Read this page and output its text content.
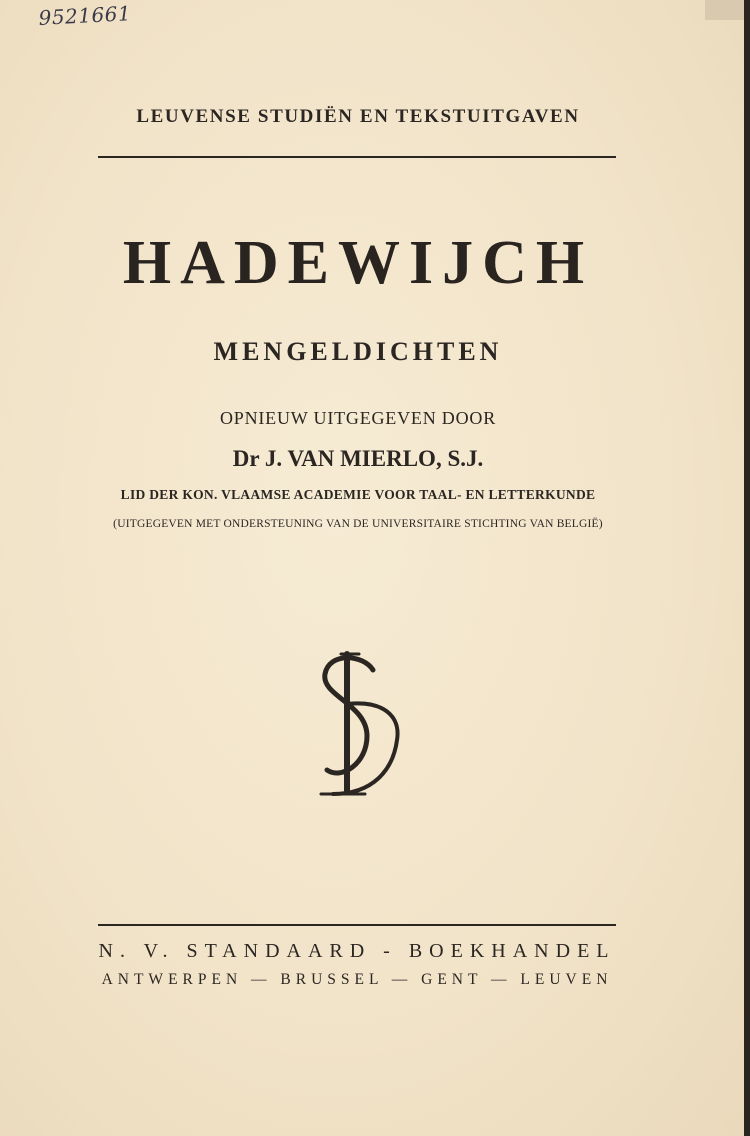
9521661
LEUVENSE STUDIËN EN TEKSTUITGAVEN
HADEWIJCH
MENGELDICHTEN
OPNIEUW UITGEGEVEN DOOR
Dr J. VAN MIERLO, S.J.
LID DER KON. VLAAMSE ACADEMIE VOOR TAAL- EN LETTERKUNDE
(UITGEGEVEN MET ONDERSTEUNING VAN DE UNIVERSITAIRE STICHTING VAN BELGIË)
N. V. STANDAARD - BOEKHANDEL
ANTWERPEN — BRUSSEL — GENT — LEUVEN
